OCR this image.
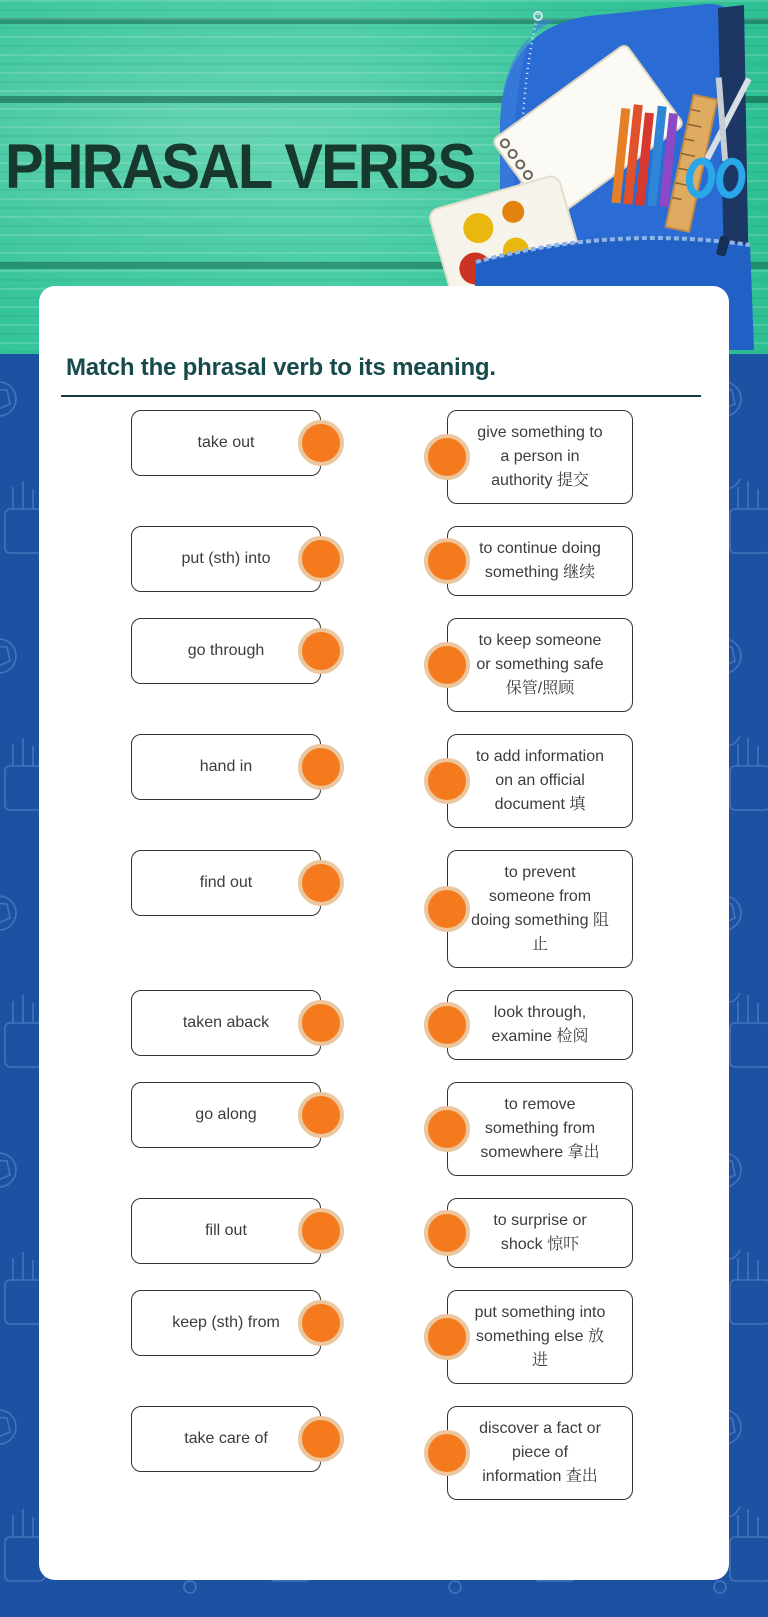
PHRASAL VERBS
Match the phrasal verb to its meaning.
take out
give something to a person in authority 提交
put (sth) into
to continue doing something 继续
go through
to keep someone or something safe 保管/照顾
hand in
to add information on an official document 填
find out
to prevent someone from doing something 阻止
taken aback
look through, examine 检阅
go along
to remove something from somewhere 拿出
fill out
to surprise or shock 惊吓
keep (sth) from
put something into something else 放进
take care of
discover a fact or piece of information 查出
